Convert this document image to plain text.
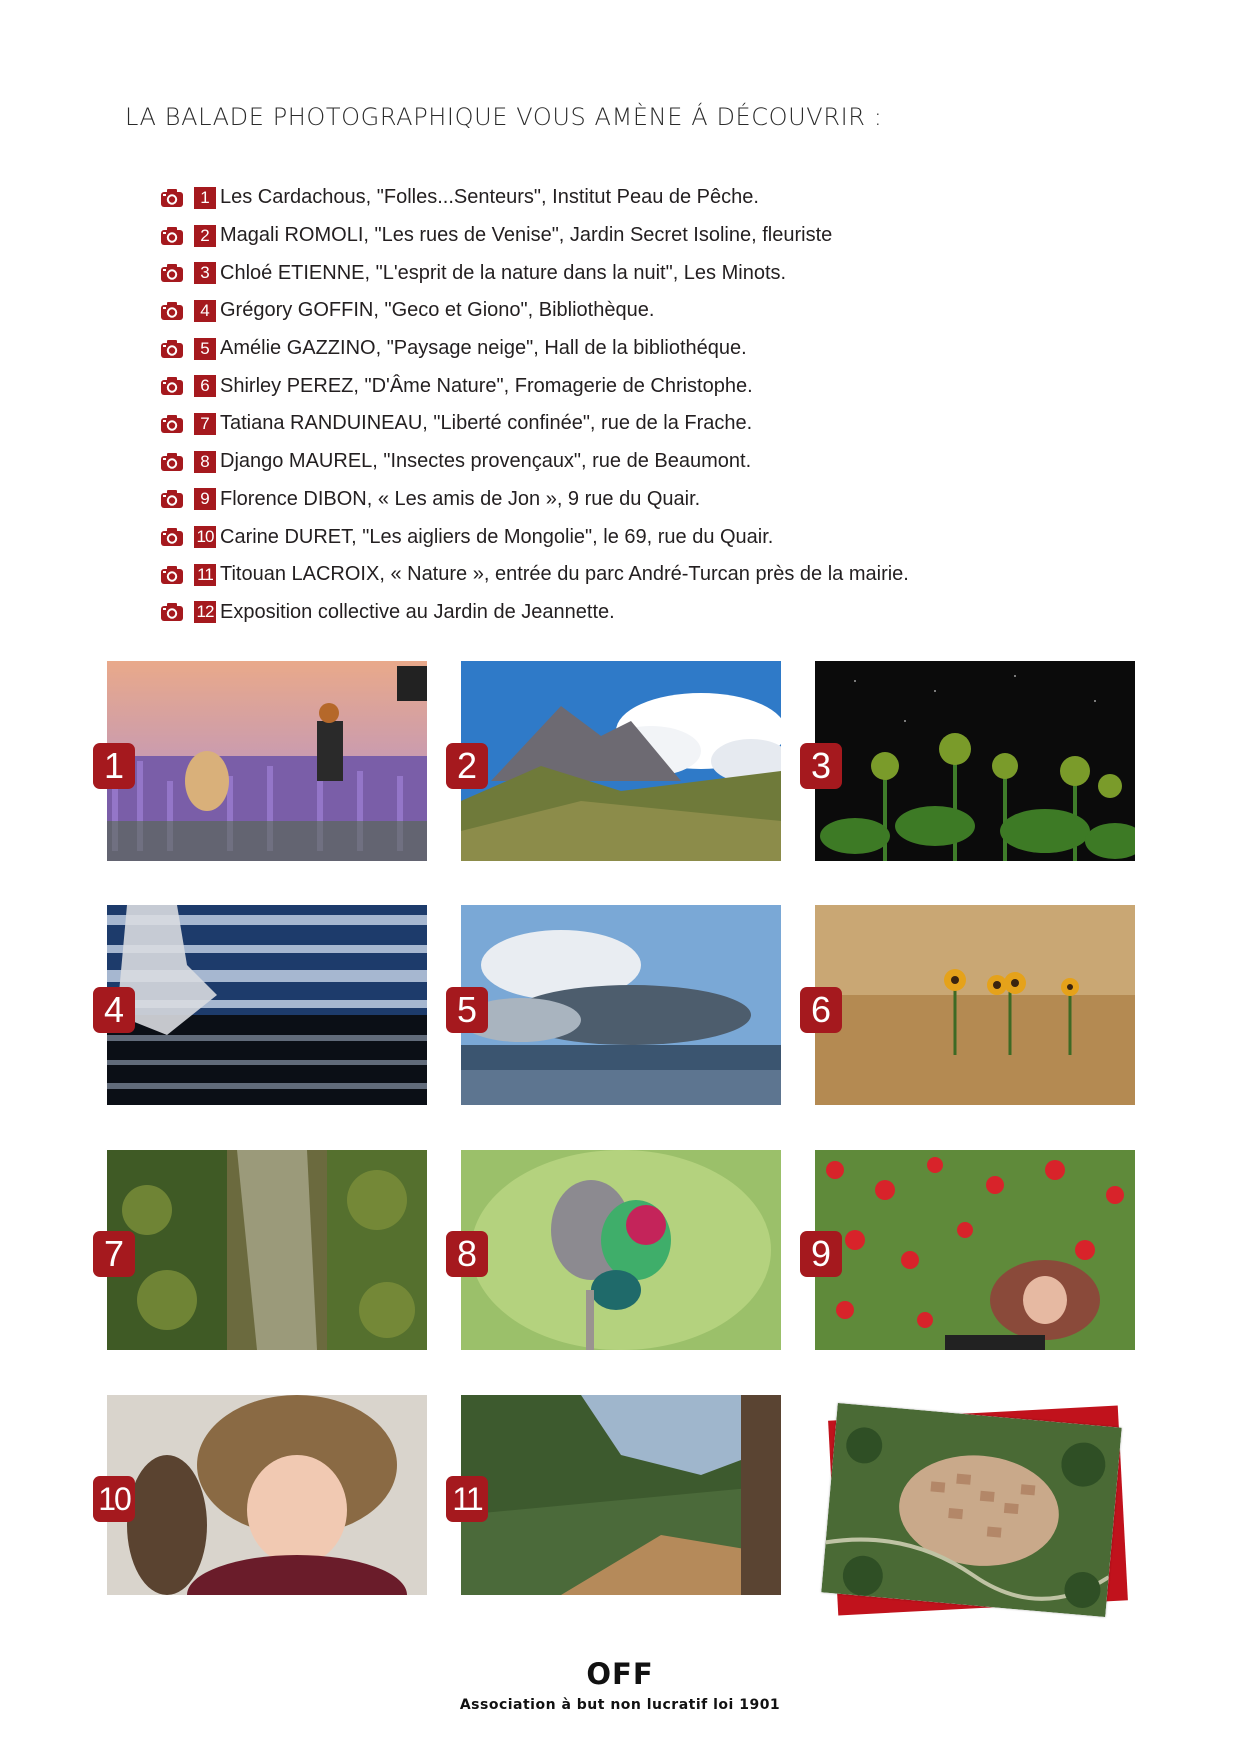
LA BALADE PHOTOGRAPHIQUE VOUS AMÈNE Á DÉCOUVRIR :
1 Les Cardachous, "Folles...Senteurs", Institut Peau de Pêche.
2 Magali ROMOLI, "Les rues de Venise", Jardin Secret Isoline, fleuriste
3 Chloé ETIENNE, "L'esprit de la nature dans la nuit", Les Minots.
4 Grégory GOFFIN, "Geco et Giono", Bibliothèque.
5 Amélie GAZZINO, "Paysage neige", Hall de la bibliothéque.
6 Shirley PEREZ, "D'Âme Nature", Fromagerie de Christophe.
7 Tatiana RANDUINEAU, "Liberté confinée", rue de la Frache.
8 Django MAUREL, "Insectes provençaux", rue de Beaumont.
9 Florence DIBON, « Les amis de Jon », 9 rue du Quair.
10 Carine DURET, "Les aigliers de Mongolie", le 69, rue du Quair.
11 Titouan LACROIX, « Nature », entrée du parc André-Turcan près de la mairie.
12 Exposition collective au Jardin de Jeannette.
1	2	3
4	5	6
7	8	9
10	11
OFF
Association à but non lucratif loi 1901
